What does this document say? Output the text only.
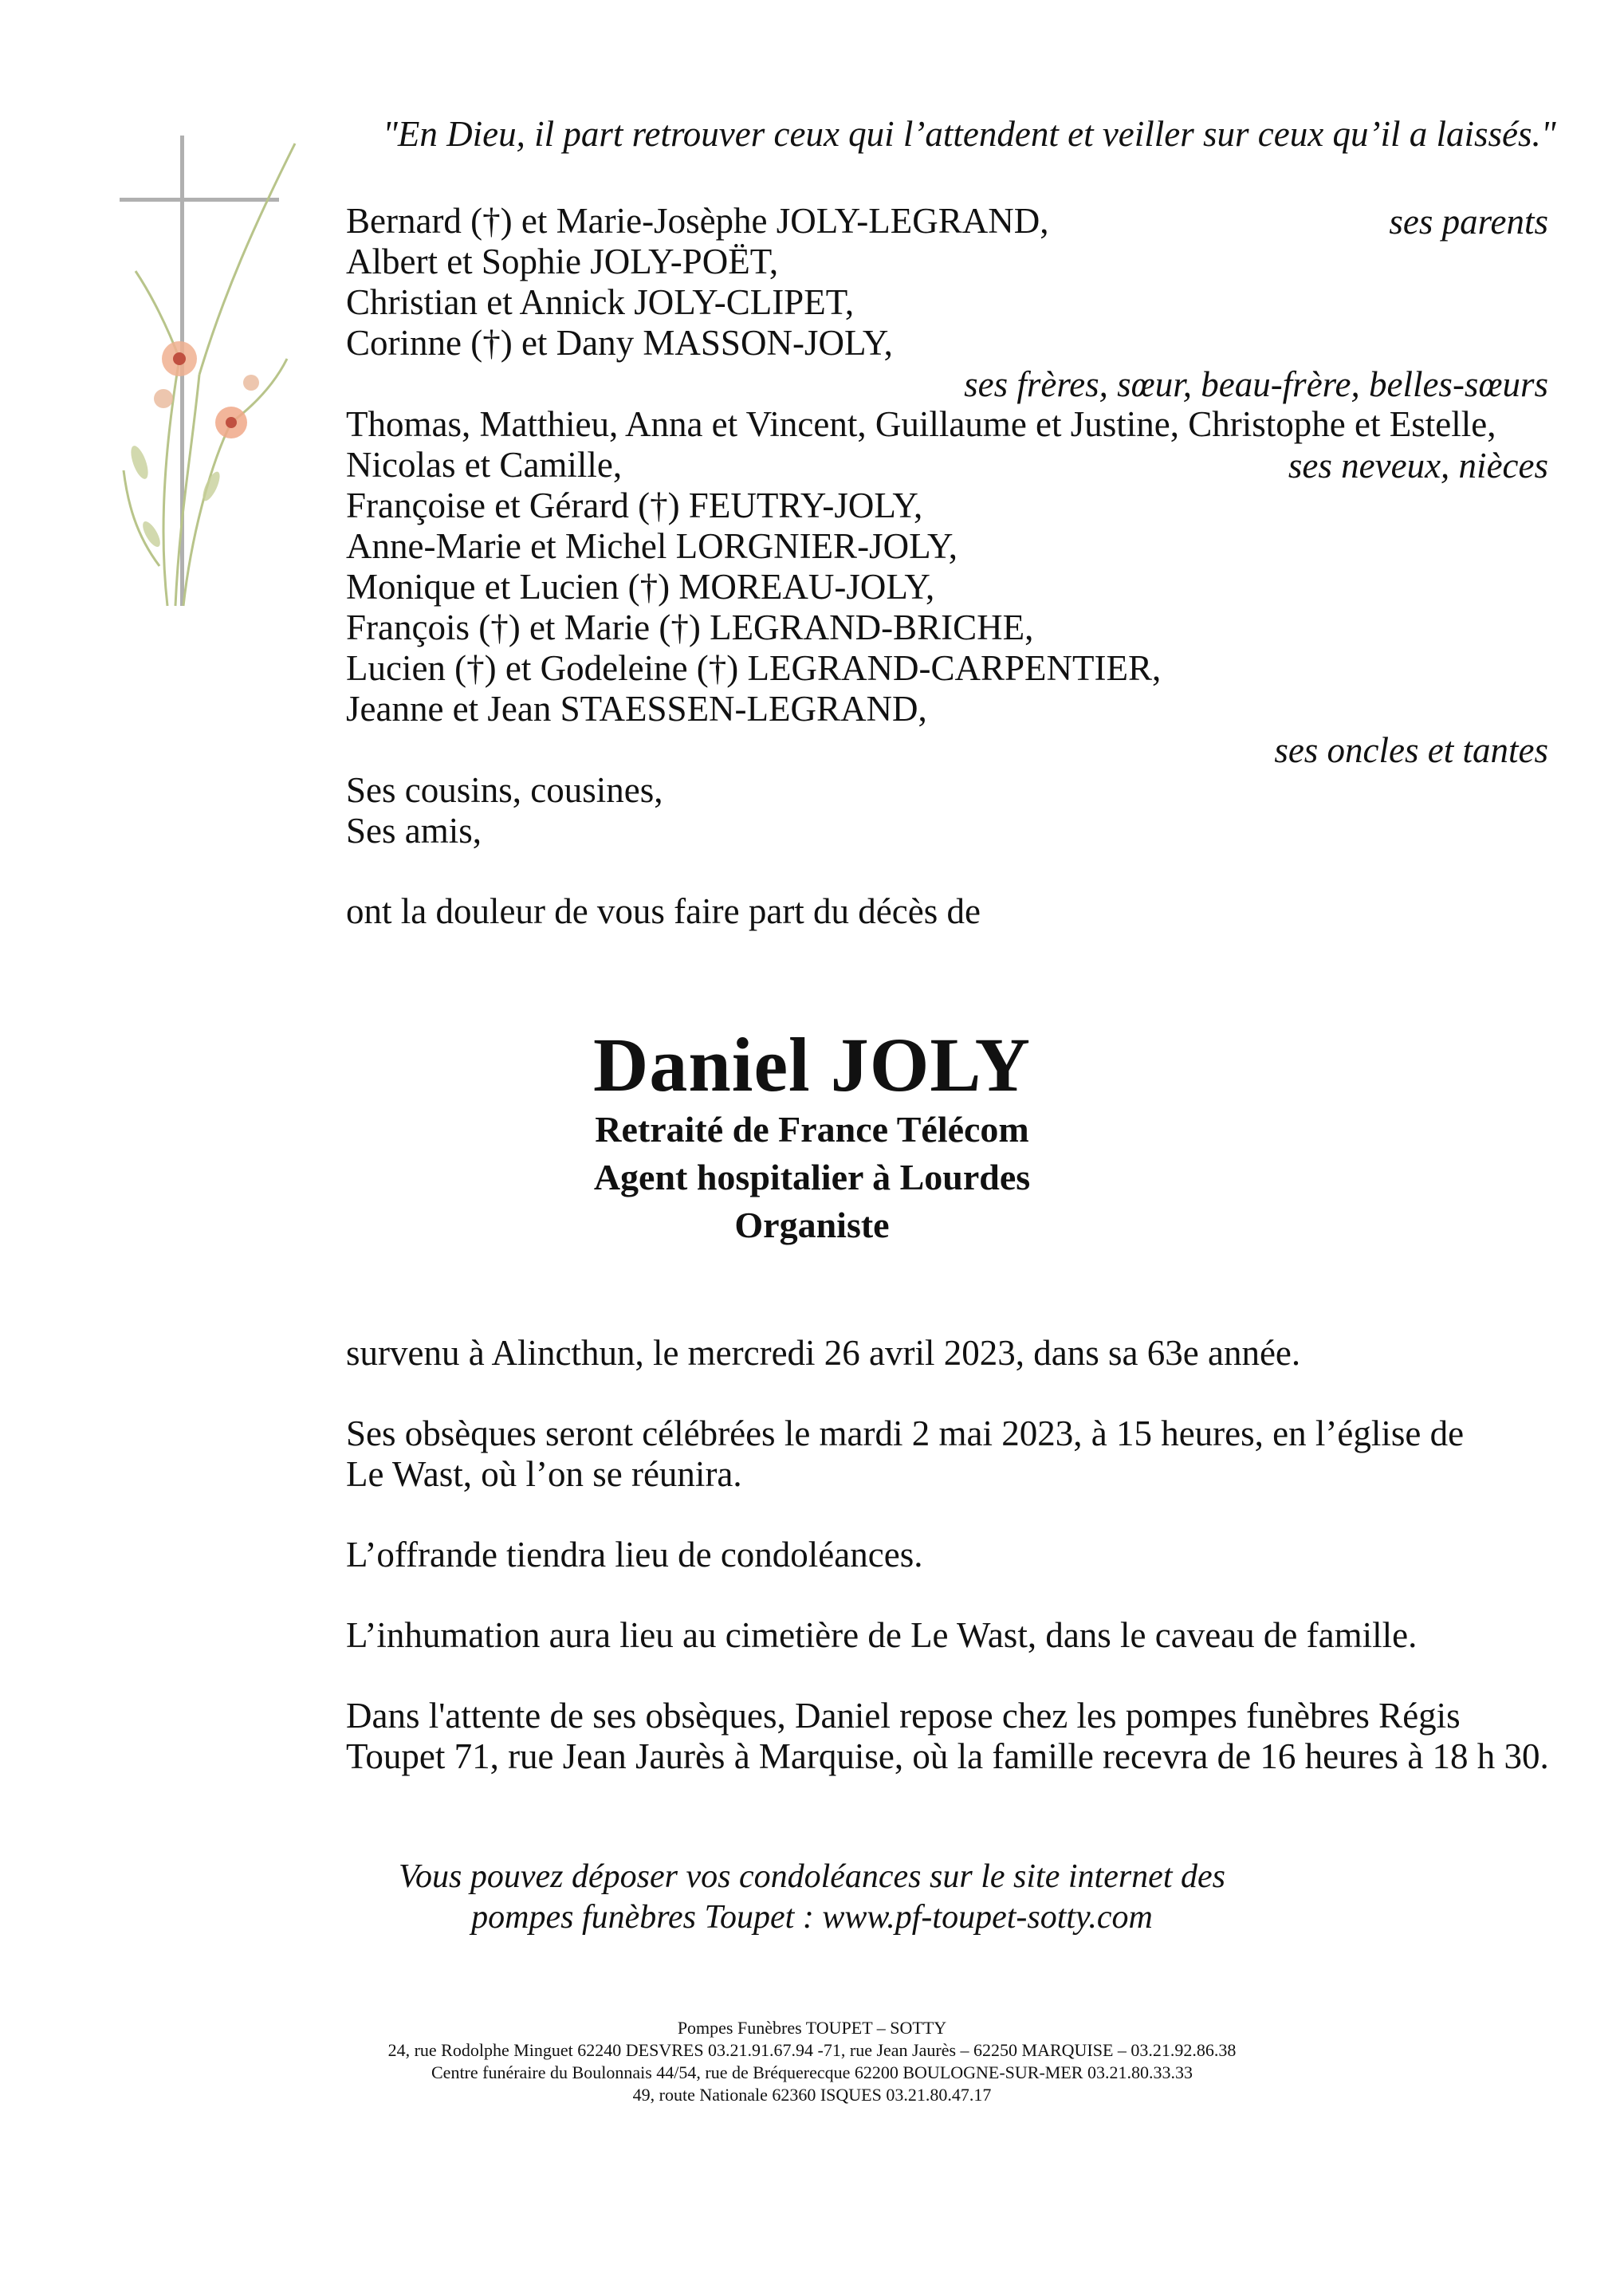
"En Dieu, il part retrouver ceux qui l’attendent et veiller sur ceux qu’il a laissés."
Bernard (†) et Marie-Josèphe JOLY-LEGRAND,	ses parents
Albert et Sophie JOLY-POËT,
Christian et Annick JOLY-CLIPET,
Corinne (†) et Dany MASSON-JOLY,
ses frères, sœur, beau-frère, belles-sœurs
Thomas, Matthieu, Anna et Vincent, Guillaume et Justine, Christophe et Estelle,
Nicolas et Camille,	ses neveux, nièces
Françoise et Gérard (†) FEUTRY-JOLY,
Anne-Marie et Michel LORGNIER-JOLY,
Monique et Lucien (†) MOREAU-JOLY,
François (†) et Marie (†) LEGRAND-BRICHE,
Lucien (†) et Godeleine (†) LEGRAND-CARPENTIER,
Jeanne et Jean STAESSEN-LEGRAND,
ses oncles et tantes
Ses cousins, cousines,
Ses amis,
ont la douleur de vous faire part du décès de
Daniel JOLY
Retraité de France Télécom
Agent hospitalier à Lourdes
Organiste
survenu à Alincthun, le mercredi 26 avril 2023, dans sa 63e année.
Ses obsèques seront célébrées le mardi 2 mai 2023, à 15 heures, en l’église de
Le Wast, où l’on se réunira.
L’offrande tiendra lieu de condoléances.
L’inhumation aura lieu au cimetière de Le Wast, dans le caveau de famille.
Dans l'attente de ses obsèques, Daniel repose chez les pompes funèbres Régis
Toupet 71, rue Jean Jaurès à Marquise, où la famille recevra de 16 heures à 18 h 30.
Vous pouvez déposer vos condoléances sur le site internet des
pompes funèbres Toupet : www.pf-toupet-sotty.com
Pompes Funèbres TOUPET – SOTTY
24, rue Rodolphe Minguet 62240 DESVRES 03.21.91.67.94 -71, rue Jean Jaurès – 62250 MARQUISE – 03.21.92.86.38
Centre funéraire du Boulonnais 44/54, rue de Bréquerecque 62200 BOULOGNE-SUR-MER 03.21.80.33.33
49, route Nationale 62360 ISQUES 03.21.80.47.17
